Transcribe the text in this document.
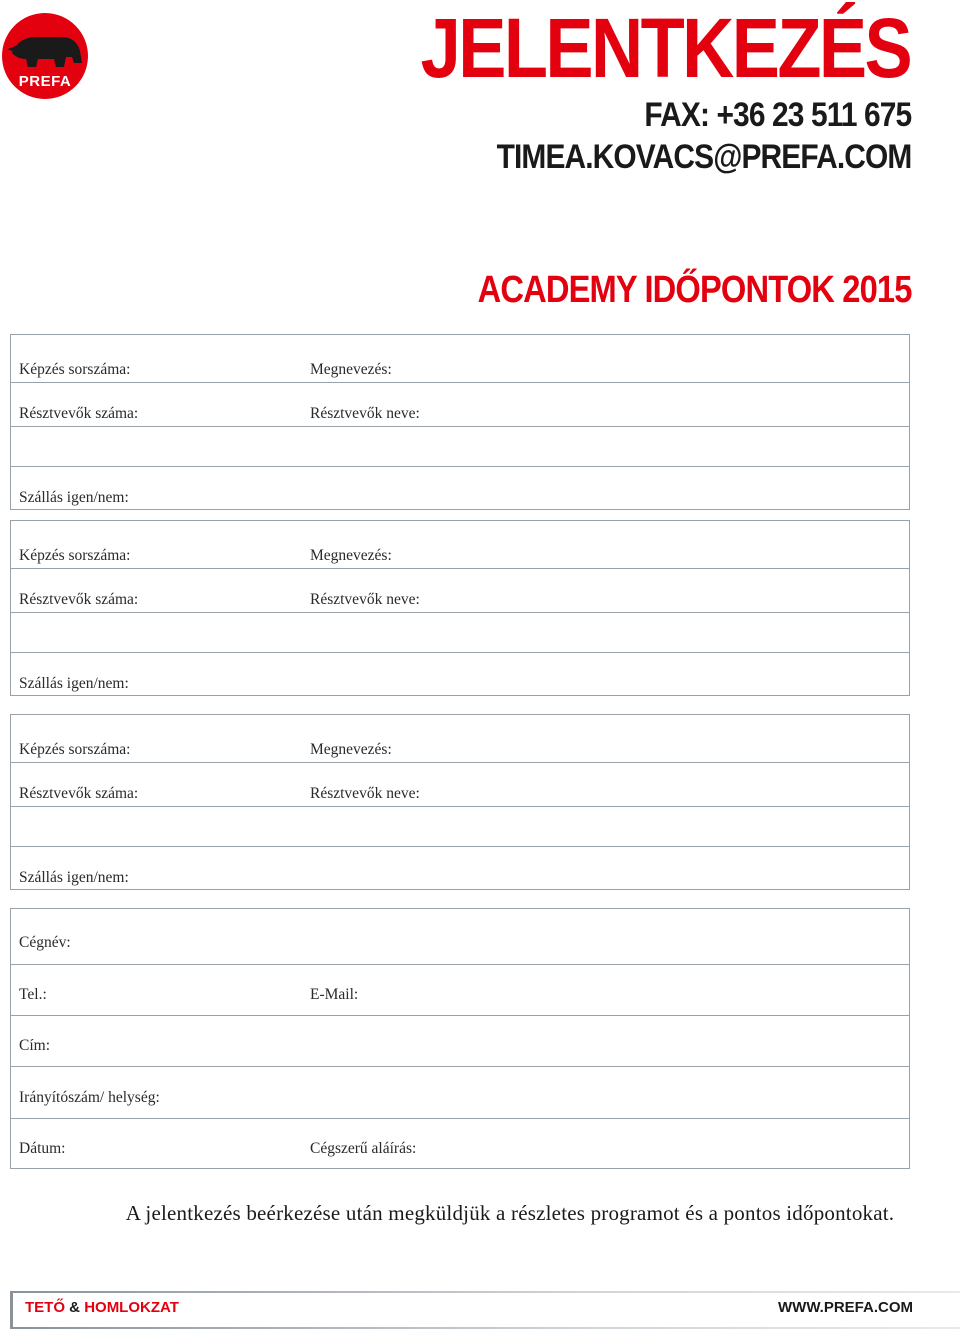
PREFA	JELENTKEZÉS
FAX: +36 23 511 675
TIMEA.KOVACS@PREFA.COM
ACADEMY IDŐPONTOK 2015
Képzés sorszáma:	Megnevezés:
Résztvevők száma:	Résztvevők neve:
Szállás igen/nem:
Képzés sorszáma:	Megnevezés:
Résztvevők száma:	Résztvevők neve:
Szállás igen/nem:
Képzés sorszáma:	Megnevezés:
Résztvevők száma:	Résztvevők neve:
Szállás igen/nem:
Cégnév:
Tel.:	E-Mail:
Cím:
Irányítószám/ helység:
Dátum:	Cégszerű aláírás:
A jelentkezés beérkezése után megküldjük a részletes programot és a pontos időpontokat.
TETŐ & HOMLOKZAT	WWW.PREFA.COM
